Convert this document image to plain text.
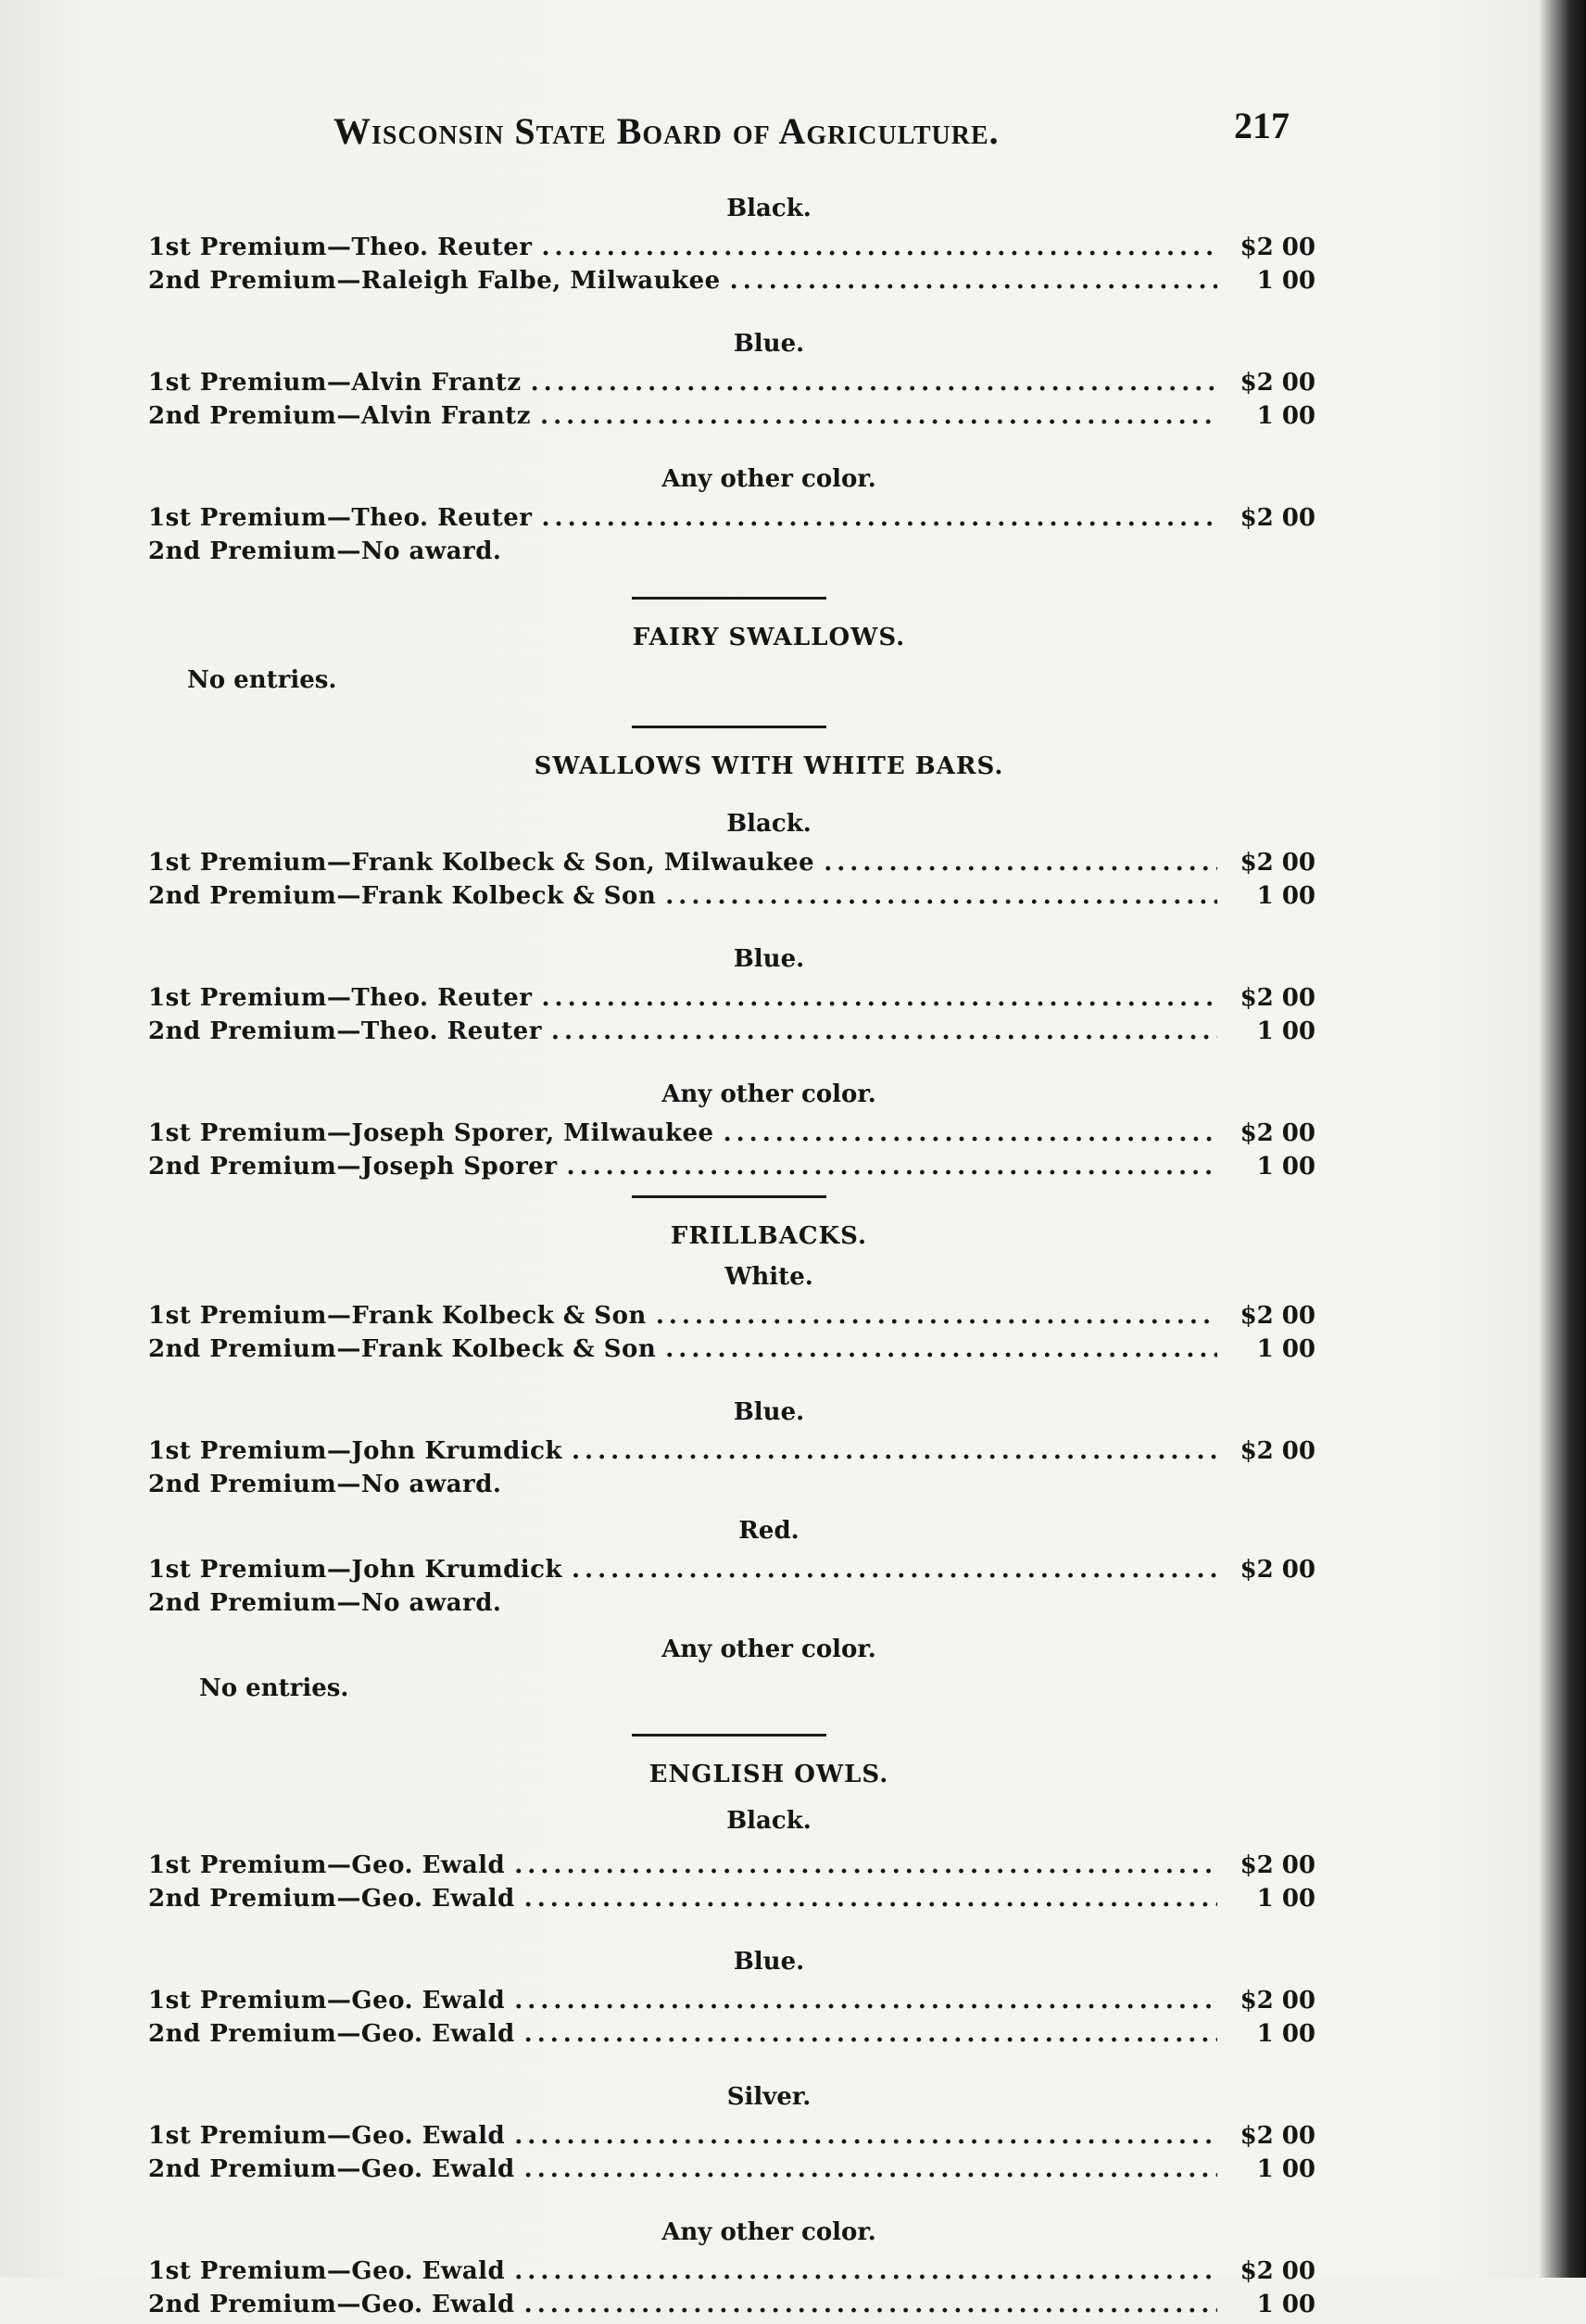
Wisconsin State Board of Agriculture.	217
Black.
1st Premium—Theo. Reuter .....	$2 00
2nd Premium—Raleigh Falbe, Milwaukee .....	1 00
Blue.
1st Premium—Alvin Frantz .....	$2 00
2nd Premium—Alvin Frantz .....	1 00
Any other color.
1st Premium—Theo. Reuter .....	$2 00
2nd Premium—No award.
FAIRY SWALLOWS.
No entries.
SWALLOWS WITH WHITE BARS.
Black.
1st Premium—Frank Kolbeck & Son, Milwaukee .....	$2 00
2nd Premium—Frank Kolbeck & Son .....	1 00
Blue.
1st Premium—Theo. Reuter .....	$2 00
2nd Premium—Theo. Reuter .....	1 00
Any other color.
1st Premium—Joseph Sporer, Milwaukee .....	$2 00
2nd Premium—Joseph Sporer .....	1 00
FRILLBACKS.
White.
1st Premium—Frank Kolbeck & Son .....	$2 00
2nd Premium—Frank Kolbeck & Son .....	1 00
Blue.
1st Premium—John Krumdick .....	$2 00
2nd Premium—No award.
Red.
1st Premium—John Krumdick .....	$2 00
2nd Premium—No award.
Any other color.
No entries.
ENGLISH OWLS.
Black.
1st Premium—Geo. Ewald .....	$2 00
2nd Premium—Geo. Ewald .....	1 00
Blue.
1st Premium—Geo. Ewald .....	$2 00
2nd Premium—Geo. Ewald .....	1 00
Silver.
1st Premium—Geo. Ewald .....	$2 00
2nd Premium—Geo. Ewald .....	1 00
Any other color.
1st Premium—Geo. Ewald .....	$2 00
2nd Premium—Geo. Ewald .....	1 00
